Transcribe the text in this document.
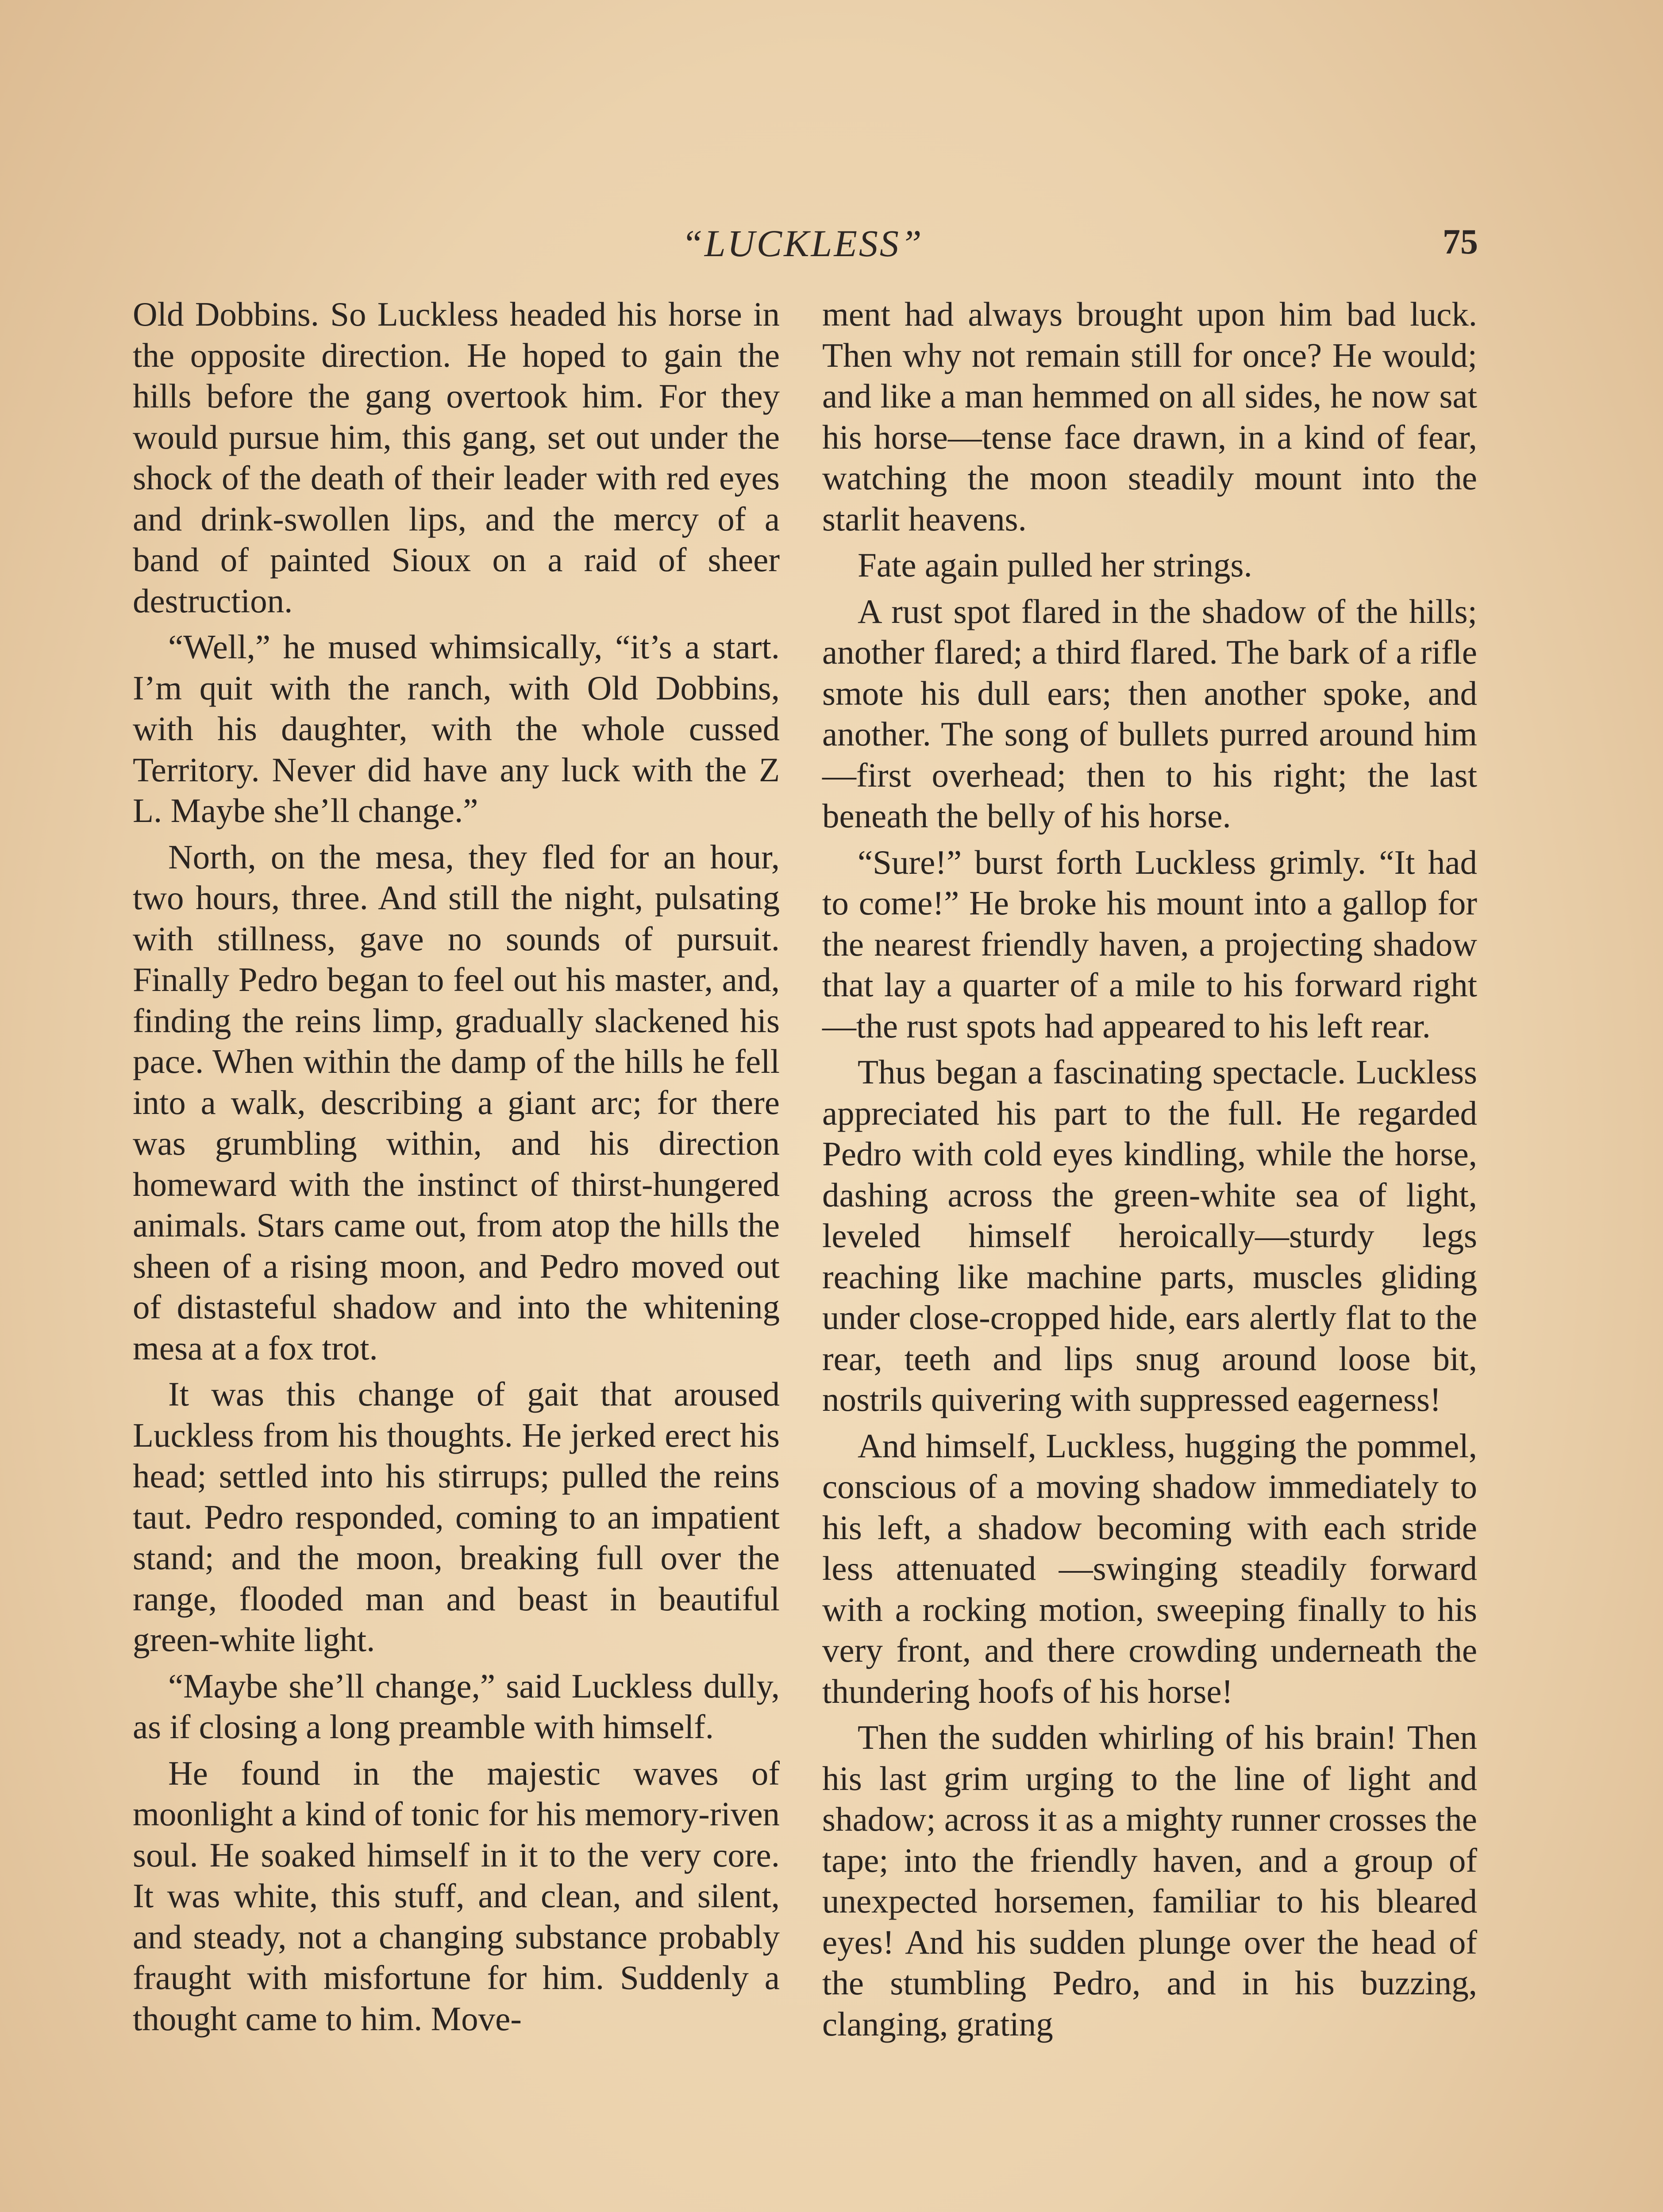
“LUCKLESS”	75

Old Dobbins. So Luckless headed his horse in the opposite direction. He hoped to gain the hills before the gang overtook him. For they would pursue him, this gang, set out under the shock of the death of their leader with red eyes and drink-swollen lips, and the mercy of a band of painted Sioux on a raid of sheer destruction.

“Well,” he mused whimsically, “it’s a start. I’m quit with the ranch, with Old Dobbins, with his daughter, with the whole cussed Territory. Never did have any luck with the Z L. Maybe she’ll change.”

North, on the mesa, they fled for an hour, two hours, three. And still the night, pulsating with stillness, gave no sounds of pursuit. Finally Pedro began to feel out his master, and, finding the reins limp, gradually slackened his pace. When within the damp of the hills he fell into a walk, describing a giant arc; for there was grumbling within, and his direction homeward with the instinct of thirst-hungered animals. Stars came out, from atop the hills the sheen of a rising moon, and Pedro moved out of distasteful shadow and into the whitening mesa at a fox trot.

It was this change of gait that aroused Luckless from his thoughts. He jerked erect his head; settled into his stirrups; pulled the reins taut. Pedro responded, coming to an impatient stand; and the moon, breaking full over the range, flooded man and beast in beautiful green-white light.

“Maybe she’ll change,” said Luckless dully, as if closing a long preamble with himself.

He found in the majestic waves of moonlight a kind of tonic for his memory-riven soul. He soaked himself in it to the very core. It was white, this stuff, and clean, and silent, and steady, not a changing substance probably fraught with misfortune for him. Suddenly a thought came to him. Move-

ment had always brought upon him bad luck. Then why not remain still for once? He would; and like a man hemmed on all sides, he now sat his horse—tense face drawn, in a kind of fear, watching the moon steadily mount into the starlit heavens.

Fate again pulled her strings.

A rust spot flared in the shadow of the hills; another flared; a third flared. The bark of a rifle smote his dull ears; then another spoke, and another. The song of bullets purred around him—first overhead; then to his right; the last beneath the belly of his horse.

“Sure!” burst forth Luckless grimly. “It had to come!” He broke his mount into a gallop for the nearest friendly haven, a projecting shadow that lay a quarter of a mile to his forward right —the rust spots had appeared to his left rear.

Thus began a fascinating spectacle. Luckless appreciated his part to the full. He regarded Pedro with cold eyes kindling, while the horse, dashing across the green-white sea of light, leveled himself heroically—sturdy legs reaching like machine parts, muscles gliding under close-cropped hide, ears alertly flat to the rear, teeth and lips snug around loose bit, nostrils quivering with suppressed eagerness!

And himself, Luckless, hugging the pommel, conscious of a moving shadow immediately to his left, a shadow becoming with each stride less attenuated —swinging steadily forward with a rocking motion, sweeping finally to his very front, and there crowding underneath the thundering hoofs of his horse!

Then the sudden whirling of his brain! Then his last grim urging to the line of light and shadow; across it as a mighty runner crosses the tape; into the friendly haven, and a group of unexpected horsemen, familiar to his bleared eyes! And his sudden plunge over the head of the stumbling Pedro, and in his buzzing, clanging, grating
